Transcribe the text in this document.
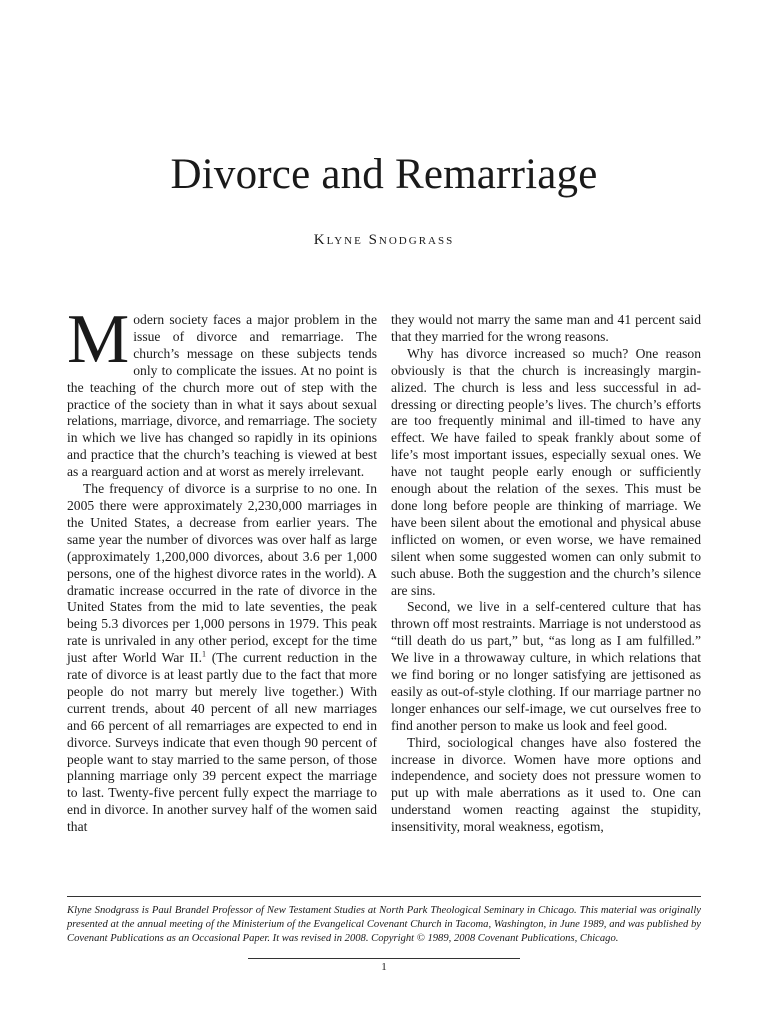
Divorce and Remarriage

Klyne Snodgrass

Modern society faces a major problem in the issue of divorce and remarriage. The church’s message on these subjects tends only to complicate the issues. At no point is the teaching of the church more out of step with the practice of the society than in what it says about sexual relations, marriage, divorce, and remarriage. The society in which we live has changed so rapidly in its opinions and practice that the church’s teaching is viewed at best as a rearguard action and at worst as merely irrelevant.

The frequency of divorce is a surprise to no one. In 2005 there were approximately 2,230,000 marriages in the United States, a decrease from earlier years. The same year the number of divorces was over half as large (approximately 1,200,000 divorces, about 3.6 per 1,000 persons, one of the highest divorce rates in the world). A dramatic increase occurred in the rate of divorce in the United States from the mid to late seventies, the peak being 5.3 divorces per 1,000 persons in 1979. This peak rate is unrivaled in any other period, except for the time just after World War II.$^1$ (The current reduction in the rate of divorce is at least partly due to the fact that more people do not marry but merely live together.) With current trends, about 40 percent of all new marriages and 66 percent of all remarriages are expected to end in divorce. Surveys indicate that even though 90 percent of people want to stay married to the same person, of those planning marriage only 39 percent expect the marriage to last. Twenty-five percent fully expect the marriage to end in divorce. In another survey half of the women said that

they would not marry the same man and 41 percent said that they married for the wrong reasons.

Why has divorce increased so much? One reason obviously is that the church is increasingly marginalized. The church is less and less successful in addressing or directing people’s lives. The church’s efforts are too frequently minimal and ill-timed to have any effect. We have failed to speak frankly about some of life’s most important issues, especially sexual ones. We have not taught people early enough or sufficiently enough about the relation of the sexes. This must be done long before people are thinking of marriage. We have been silent about the emotional and physical abuse inflicted on women, or even worse, we have remained silent when some suggested women can only submit to such abuse. Both the suggestion and the church’s silence are sins.

Second, we live in a self-centered culture that has thrown off most restraints. Marriage is not understood as “till death do us part,” but, “as long as I am fulfilled.” We live in a throwaway culture, in which relations that we find boring or no longer satisfying are jettisoned as easily as out-of-style clothing. If our marriage partner no longer enhances our self-image, we cut ourselves free to find another person to make us look and feel good.

Third, sociological changes have also fostered the increase in divorce. Women have more options and independence, and society does not pressure women to put up with male aberrations as it used to. One can understand women reacting against the stupidity, insensitivity, moral weakness, egotism,

Klyne Snodgrass is Paul Brandel Professor of New Testament Studies at North Park Theological Seminary in Chicago. This material was originally presented at the annual meeting of the Ministerium of the Evangelical Covenant Church in Tacoma, Washington, in June 1989, and was published by Covenant Publications as an Occasional Paper. It was revised in 2008. Copyright © 1989, 2008 Covenant Publications, Chicago.

1
